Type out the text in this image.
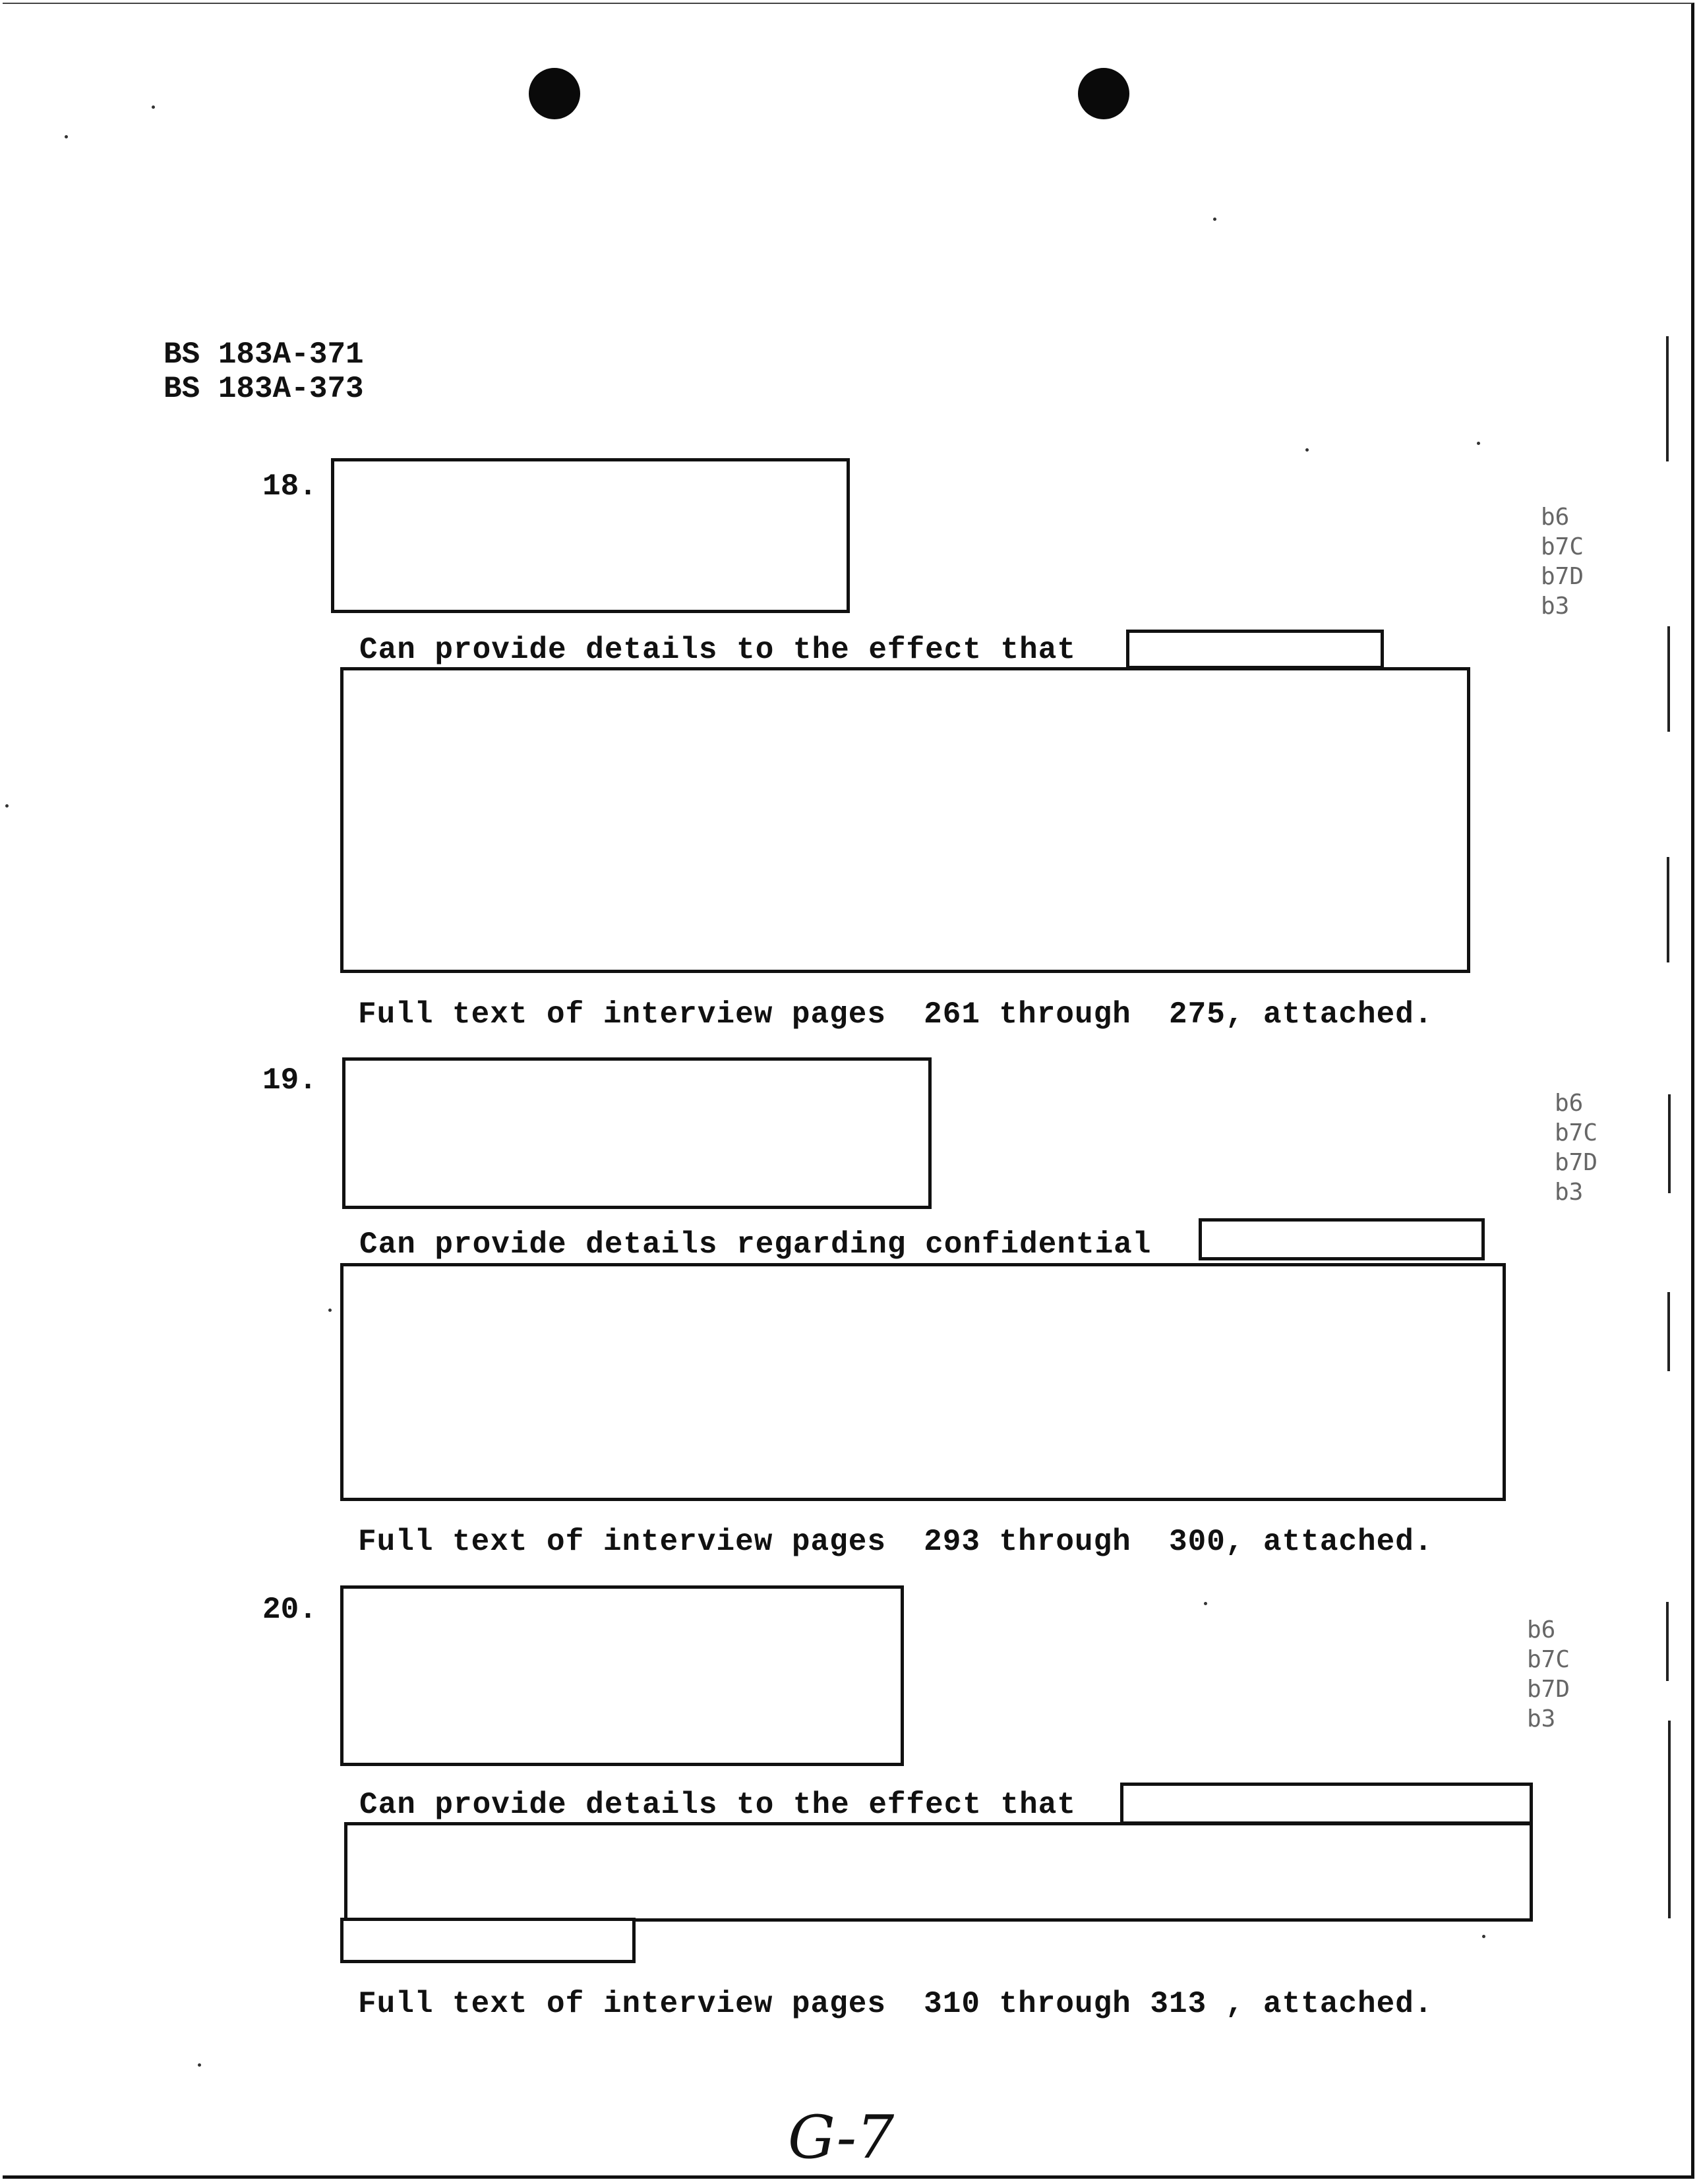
BS 183A-371
BS 183A-373
18.
Can provide details to the effect that
Full text of interview pages  261 through  275, attached.
b6
b7C
b7D
b3
19.
Can provide details regarding confidential
Full text of interview pages  293 through  300, attached.
b6
b7C
b7D
b3
20.
Can provide details to the effect that
Full text of interview pages  310 through 313 , attached.
b6
b7C
b7D
b3
G-7
